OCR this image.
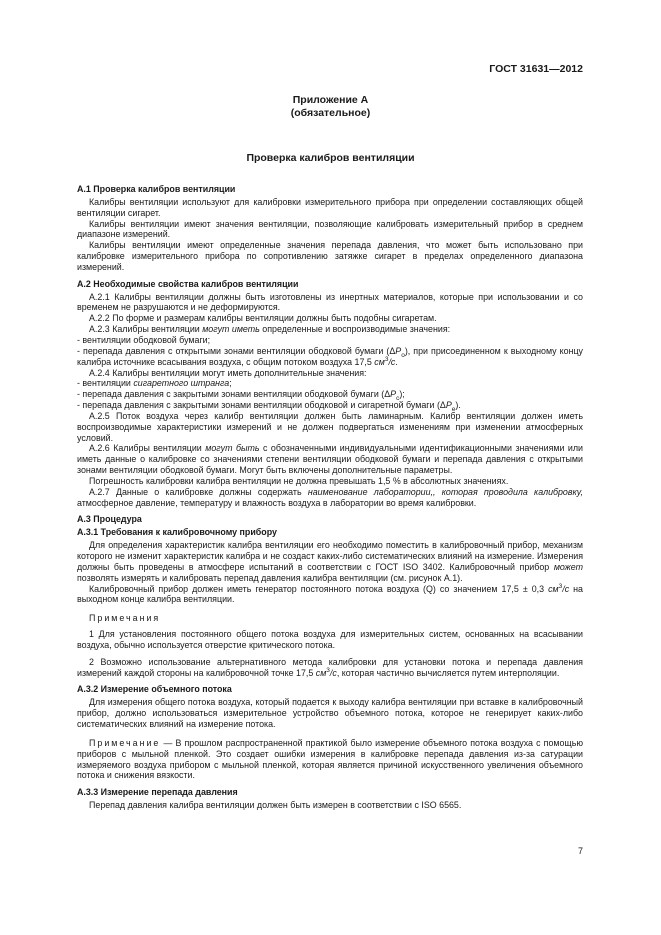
ГОСТ 31631—2012
Приложение А
(обязательное)
Проверка калибров вентиляции

А.1 Проверка калибров вентиляции

Калибры вентиляции используют для калибровки измерительного прибора при определении составляющих общей вентиляции сигарет.

Калибры вентиляции имеют значения вентиляции, позволяющие калибровать измерительный прибор в среднем диапазоне измерений.

Калибры вентиляции имеют определенные значения перепада давления, что может быть использовано при калибровке измерительного прибора по сопротивлению затяжке сигарет в пределах определенного диапазона измерений.

А.2 Необходимые свойства калибров вентиляции

А.2.1 Калибры вентиляции должны быть изготовлены из инертных материалов, которые при использовании и со временем не разрушаются и не деформируются.

А.2.2 По форме и размерам калибры вентиляции должны быть подобны сигаретам.

А.2.3 Калибры вентиляции могут иметь определенные и воспроизводимые значения:

- вентиляции ободковой бумаги;

- перепада давления с открытыми зонами вентиляции ободковой бумаги $(\Delta P_o)$, при присоединенном к выходному концу калибра источнике всасывания воздуха, с общим потоком воздуха 17,5 $см^3/с$.

А.2.4 Калибры вентиляции могут иметь дополнительные значения:

- вентиляции сигаретного штранга;

- перепада давления с закрытыми зонами вентиляции ободковой бумаги $(\Delta P_c)$;

- перепада давления с закрытыми зонами вентиляции ободковой и сигаретной бумаги $(\Delta P_e)$.

А.2.5 Поток воздуха через калибр вентиляции должен быть ламинарным. Калибр вентиляции должен иметь воспроизводимые характеристики измерений и не должен подвергаться изменениям при изменении атмосферных условий.

А.2.6 Калибры вентиляции могут быть с обозначенными индивидуальными идентификационными значениями или иметь данные о калибровке со значениями степени вентиляции ободковой бумаги и перепада давления с открытыми зонами вентиляции ободковой бумаги. Могут быть включены дополнительные параметры.

Погрешность калибровки калибра вентиляции не должна превышать 1,5 % в абсолютных значениях.

А.2.7 Данные о калибровке должны содержать наименование лаборатории,, которая проводила калибровку, атмосферное давление, температуру и влажность воздуха в лаборатории во время калибровки.

А.3 Процедура

А.3.1 Требования к калибровочному прибору

Для определения характеристик калибра вентиляции его необходимо поместить в калибровочный прибор, механизм которого не изменит характеристик калибра и не создаст каких-либо систематических влияний на измерение. Измерения должны быть проведены в атмосфере испытаний в соответствии с ГОСТ ISO 3402. Калибровочный прибор может позволять измерять и калибровать перепад давления калибра вентиляции (см. рисунок А.1).

Калибровочный прибор должен иметь генератор постоянного потока воздуха (Q) со значением 17,5 ± 0,3 $см^3/с$ на выходном конце калибра вентиляции.

Примечания

1 Для установления постоянного общего потока воздуха для измерительных систем, основанных на всасывании воздуха, обычно используется отверстие критического потока.

2 Возможно использование альтернативного метода калибровки для установки потока и перепада давления измерений каждой стороны на калибровочной точке 17,5 $см^3/с$, которая частично вычисляется путем интерполяции.

А.3.2 Измерение объемного потока

Для измерения общего потока воздуха, который подается к выходу калибра вентиляции при вставке в калибровочный прибор, должно использоваться измерительное устройство объемного потока, которое не генерирует каких-либо систематических влияний на измерение потока.

Примечание — В прошлом распространенной практикой было измерение объемного потока воздуха с помощью приборов с мыльной пленкой. Это создает ошибки измерения в калибровке перепада давления из-за сатурации измеряемого воздуха прибором с мыльной пленкой, которая является причиной искусственного увеличения объемного потока и снижения вязкости.

А.3.3 Измерение перепада давления

Перепад давления калибра вентиляции должен быть измерен в соответствии с ISO 6565.

7
